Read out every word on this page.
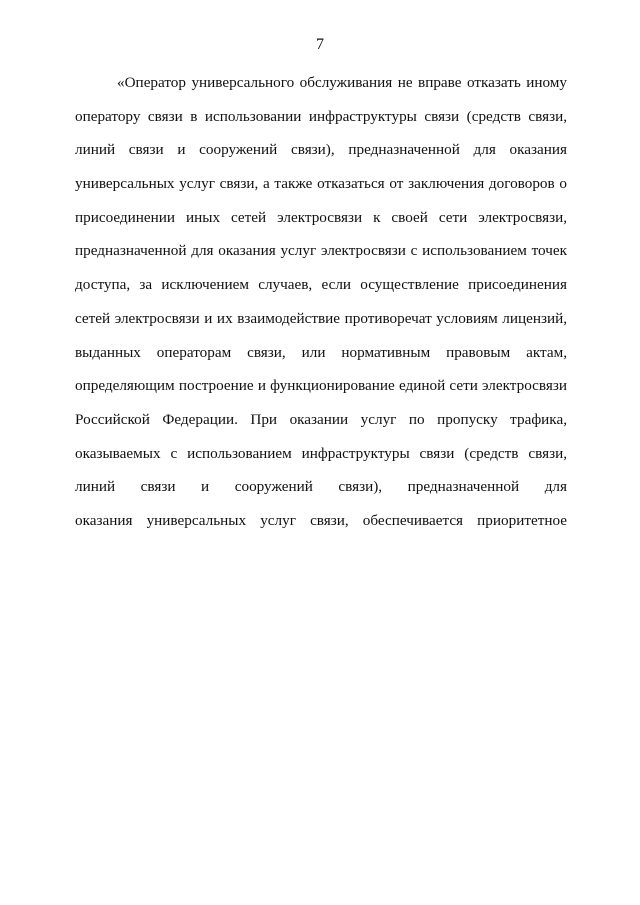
7
«Оператор универсального обслуживания не вправе отказать иному
оператору связи в использовании инфраструктуры связи (средств связи,
линий связи и сооружений связи), предназначенной для оказания
универсальных услуг связи, а также отказаться от заключения договоров о
присоединении иных сетей электросвязи к своей сети электросвязи,
предназначенной для оказания услуг электросвязи с использованием точек
доступа, за исключением случаев, если осуществление присоединения
сетей электросвязи и их взаимодействие противоречат условиям лицензий,
выданных операторам связи, или нормативным правовым актам,
определяющим построение и функционирование единой сети электросвязи
Российской Федерации. При оказании услуг по пропуску трафика,
оказываемых с использованием инфраструктуры связи (средств связи,
линий связи и сооружений связи), предназначенной для
оказания универсальных услуг связи, обеспечивается приоритетное
